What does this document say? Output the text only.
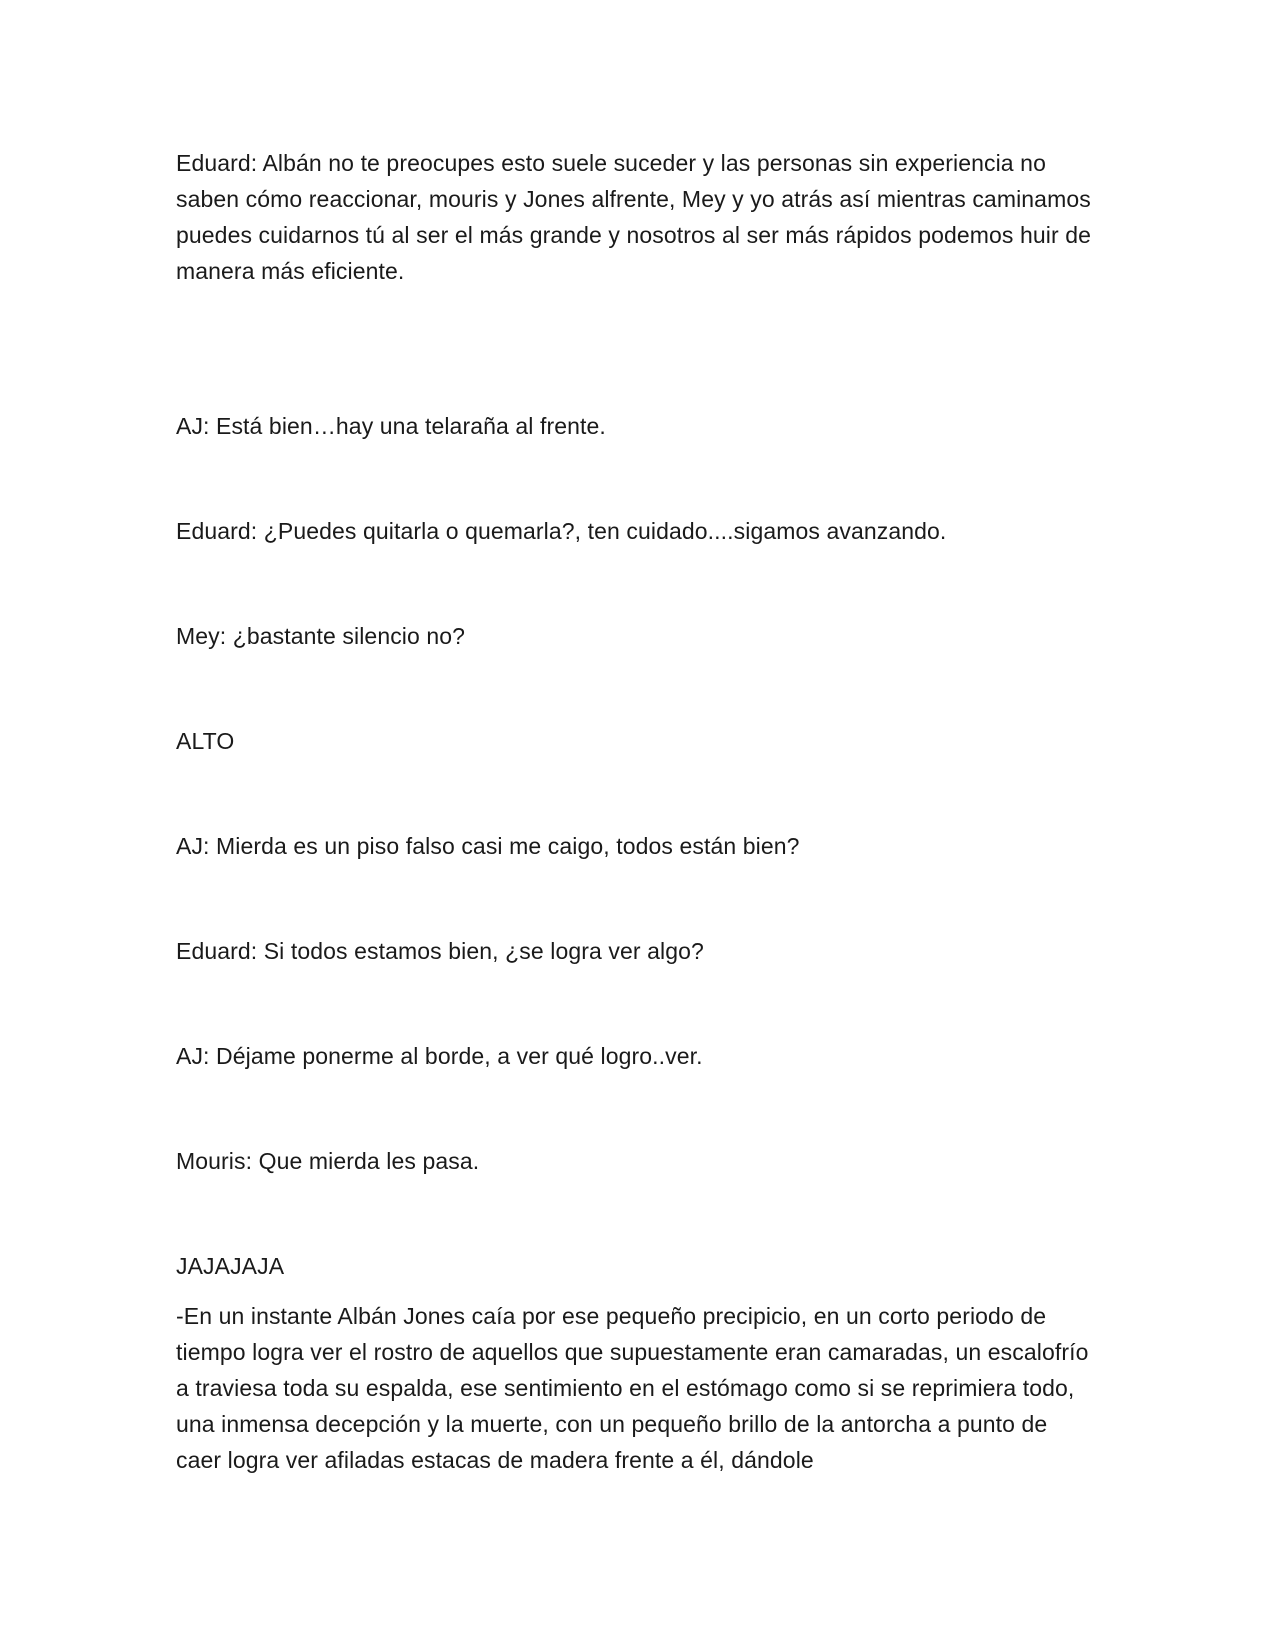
Eduard: Albán no te preocupes esto suele suceder y las personas sin experiencia no saben cómo reaccionar, mouris y Jones alfrente, Mey y yo atrás así mientras caminamos puedes cuidarnos tú al ser el más grande y nosotros al ser más rápidos podemos huir de manera más eficiente.

AJ: Está bien…hay una telaraña al frente.

Eduard: ¿Puedes quitarla o quemarla?, ten cuidado....sigamos avanzando.

Mey: ¿bastante silencio no?

ALTO

AJ: Mierda es un piso falso casi me caigo, todos están bien?

Eduard: Si todos estamos bien, ¿se logra ver algo?

AJ: Déjame ponerme al borde, a ver qué logro..ver.

Mouris: Que mierda les pasa.

JAJAJAJA

-En un instante Albán Jones caía por ese pequeño precipicio, en un corto periodo de tiempo logra ver el rostro de aquellos que supuestamente eran camaradas, un escalofrío a traviesa toda su espalda, ese sentimiento en el estómago como si se reprimiera todo, una inmensa decepción y la muerte, con un pequeño brillo de la antorcha a punto de caer logra ver afiladas estacas de madera frente a él, dándole
